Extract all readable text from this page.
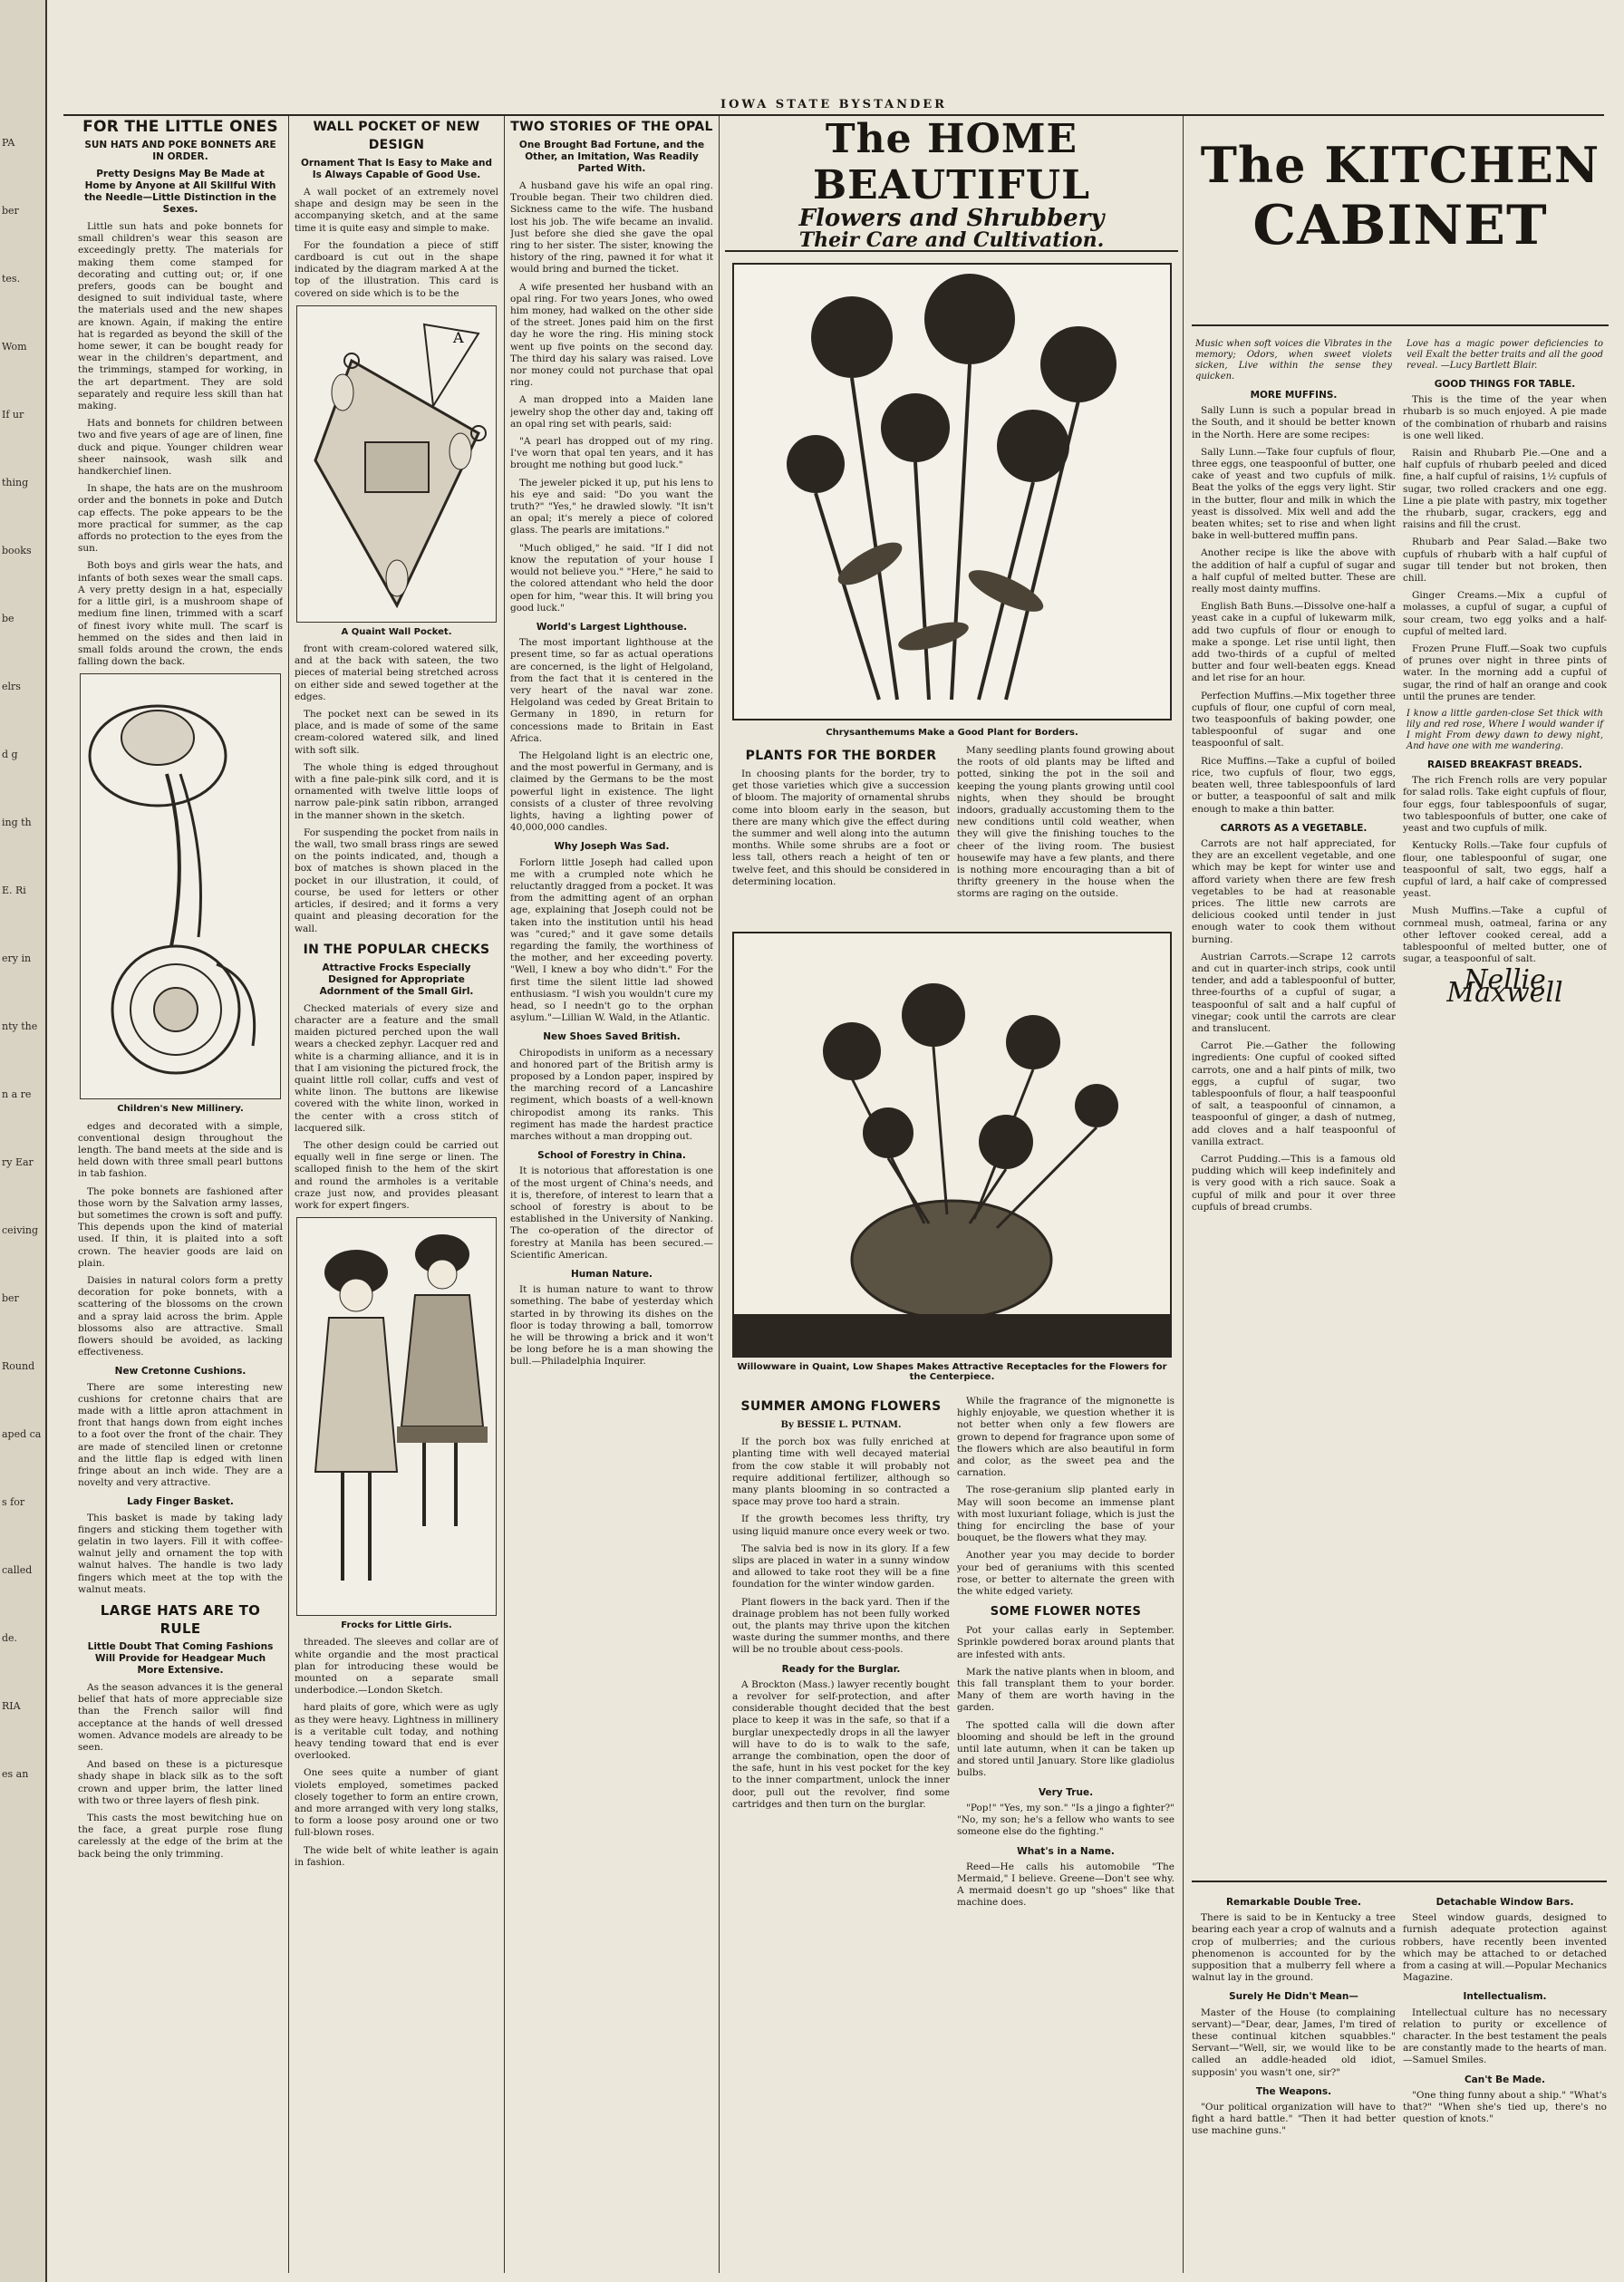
PA
ber
tes.
Wom
If ur
thing
books
be
elrs
d g
ing th
E. Ri
ery in
nty the
n a re
ry Ear
ceiving
ber
Round
aped ca
s for
called
de.
RIA
es an
IOWA STATE BYSTANDER
FOR THE LITTLE ONES
SUN HATS AND POKE BONNETS ARE IN ORDER.
Pretty Designs May Be Made at Home by Anyone at All Skillful With the Needle—Little Distinction in the Sexes.

Little sun hats and poke bonnets for small children's wear this season are exceedingly pretty. The materials for making them come stamped for decorating and cutting out; or, if one prefers, goods can be bought and designed to suit individual taste, where the materials used and the new shapes are known. Again, if making the entire hat is regarded as beyond the skill of the home sewer, it can be bought ready for wear in the children's department, and the trimmings, stamped for working, in the art department. They are sold separately and require less skill than hat making.

Hats and bonnets for children between two and five years of age are of linen, fine duck and pique. Younger children wear sheer nainsook, wash silk and handkerchief linen.

In shape, the hats are on the mushroom order and the bonnets in poke and Dutch cap effects. The poke appears to be the more practical for summer, as the cap affords no protection to the eyes from the sun.

Both boys and girls wear the hats, and infants of both sexes wear the small caps. A very pretty design in a hat, especially for a little girl, is a mushroom shape of medium fine linen, trimmed with a scarf of finest ivory white mull. The scarf is hemmed on the sides and then laid in small folds around the crown, the ends falling down the back.

Children's New Millinery.

edges and decorated with a simple, conventional design throughout the length. The band meets at the side and is held down with three small pearl buttons in tab fashion.

The poke bonnets are fashioned after those worn by the Salvation army lasses, but sometimes the crown is soft and puffy. This depends upon the kind of material used. If thin, it is plaited into a soft crown. The heavier goods are laid on plain.

Daisies in natural colors form a pretty decoration for poke bonnets, with a scattering of the blossoms on the crown and a spray laid across the brim. Apple blossoms also are attractive. Small flowers should be avoided, as lacking effectiveness.

New Cretonne Cushions.

There are some interesting new cushions for cretonne chairs that are made with a little apron attachment in front that hangs down from eight inches to a foot over the front of the chair. They are made of stenciled linen or cretonne and the little flap is edged with linen fringe about an inch wide. They are a novelty and very attractive.

Lady Finger Basket.

This basket is made by taking lady fingers and sticking them together with gelatin in two layers. Fill it with coffee-walnut jelly and ornament the top with walnut halves. The handle is two lady fingers which meet at the top with the walnut meats.

LARGE HATS ARE TO RULE
Little Doubt That Coming Fashions Will Provide for Headgear Much More Extensive.

As the season advances it is the general belief that hats of more appreciable size than the French sailor will find acceptance at the hands of well dressed women. Advance models are already to be seen.

And based on these is a picturesque shady shape in black silk as to the soft crown and upper brim, the latter lined with two or three layers of flesh pink.

This casts the most bewitching hue on the face, a great purple rose flung carelessly at the edge of the brim at the back being the only trimming.

WALL POCKET OF NEW DESIGN
Ornament That Is Easy to Make and Is Always Capable of Good Use.

A wall pocket of an extremely novel shape and design may be seen in the accompanying sketch, and at the same time it is quite easy and simple to make.

For the foundation a piece of stiff cardboard is cut out in the shape indicated by the diagram marked A at the top of the illustration. This card is covered on side which is to be the

A
A Quaint Wall Pocket.

front with cream-colored watered silk, and at the back with sateen, the two pieces of material being stretched across on either side and sewed together at the edges.

The pocket next can be sewed in its place, and is made of some of the same cream-colored watered silk, and lined with soft silk.

The whole thing is edged throughout with a fine pale-pink silk cord, and it is ornamented with twelve little loops of narrow pale-pink satin ribbon, arranged in the manner shown in the sketch.

For suspending the pocket from nails in the wall, two small brass rings are sewed on the points indicated, and, though a box of matches is shown placed in the pocket in our illustration, it could, of course, be used for letters or other articles, if desired; and it forms a very quaint and pleasing decoration for the wall.

IN THE POPULAR CHECKS
Attractive Frocks Especially Designed for Appropriate Adornment of the Small Girl.

Checked materials of every size and character are a feature and the small maiden pictured perched upon the wall wears a checked zephyr. Lacquer red and white is a charming alliance, and it is in that I am visioning the pictured frock, the quaint little roll collar, cuffs and vest of white linon. The buttons are likewise covered with the white linon, worked in the center with a cross stitch of lacquered silk.

The other design could be carried out equally well in fine serge or linen. The scalloped finish to the hem of the skirt and round the armholes is a veritable craze just now, and provides pleasant work for expert fingers.

Frocks for Little Girls.

threaded. The sleeves and collar are of white organdie and the most practical plan for introducing these would be mounted on a separate small underbodice.—London Sketch.

hard plaits of gore, which were as ugly as they were heavy. Lightness in millinery is a veritable cult today, and nothing heavy tending toward that end is ever overlooked.

One sees quite a number of giant violets employed, sometimes packed closely together to form an entire crown, and more arranged with very long stalks, to form a loose posy around one or two full-blown roses.

The wide belt of white leather is again in fashion.

TWO STORIES OF THE OPAL
One Brought Bad Fortune, and the Other, an Imitation, Was Readily Parted With.

A husband gave his wife an opal ring. Trouble began. Their two children died. Sickness came to the wife. The husband lost his job. The wife became an invalid. Just before she died she gave the opal ring to her sister. The sister, knowing the history of the ring, pawned it for what it would bring and burned the ticket.

A wife presented her husband with an opal ring. For two years Jones, who owed him money, had walked on the other side of the street. Jones paid him on the first day he wore the ring. His mining stock went up five points on the second day. The third day his salary was raised. Love nor money could not purchase that opal ring.

A man dropped into a Maiden lane jewelry shop the other day and, taking off an opal ring set with pearls, said:

"A pearl has dropped out of my ring. I've worn that opal ten years, and it has brought me nothing but good luck."

The jeweler picked it up, put his lens to his eye and said: "Do you want the truth?" "Yes," he drawled slowly. "It isn't an opal; it's merely a piece of colored glass. The pearls are imitations."

"Much obliged," he said. "If I did not know the reputation of your house I would not believe you." "Here," he said to the colored attendant who held the door open for him, "wear this. It will bring you good luck."

World's Largest Lighthouse.

The most important lighthouse at the present time, so far as actual operations are concerned, is the light of Helgoland, from the fact that it is centered in the very heart of the naval war zone. Helgoland was ceded by Great Britain to Germany in 1890, in return for concessions made to Britain in East Africa.

The Helgoland light is an electric one, and the most powerful in Germany, and is claimed by the Germans to be the most powerful light in existence. The light consists of a cluster of three revolving lights, having a lighting power of 40,000,000 candles.

Why Joseph Was Sad.

Forlorn little Joseph had called upon me with a crumpled note which he reluctantly dragged from a pocket. It was from the admitting agent of an orphan age, explaining that Joseph could not be taken into the institution until his head was "cured;" and it gave some details regarding the family, the worthiness of the mother, and her exceeding poverty. "Well, I knew a boy who didn't." For the first time the silent little lad showed enthusiasm. "I wish you wouldn't cure my head, so I needn't go to the orphan asylum."—Lillian W. Wald, in the Atlantic.

New Shoes Saved British.

Chiropodists in uniform as a necessary and honored part of the British army is proposed by a London paper, inspired by the marching record of a Lancashire regiment, which boasts of a well-known chiropodist among its ranks. This regiment has made the hardest practice marches without a man dropping out.

School of Forestry in China.

It is notorious that afforestation is one of the most urgent of China's needs, and it is, therefore, of interest to learn that a school of forestry is about to be established in the University of Nanking. The co-operation of the director of forestry at Manila has been secured.—Scientific American.

Human Nature.

It is human nature to want to throw something. The babe of yesterday which started in by throwing its dishes on the floor is today throwing a ball, tomorrow he will be throwing a brick and it won't be long before he is a man showing the bull.—Philadelphia Inquirer.

The HOME BEAUTIFUL
Flowers and Shrubbery
Their Care and Cultivation.
Chrysanthemums Make a Good Plant for Borders.
PLANTS FOR THE BORDER

In choosing plants for the border, try to get those varieties which give a succession of bloom. The majority of ornamental shrubs come into bloom early in the season, but there are many which give the effect during the summer and well along into the autumn months. While some shrubs are a foot or less tall, others reach a height of ten or twelve feet, and this should be considered in determining location.

Many seedling plants found growing about the roots of old plants may be lifted and potted, sinking the pot in the soil and keeping the young plants growing until cool nights, when they should be brought indoors, gradually accustoming them to the new conditions until cold weather, when they will give the finishing touches to the cheer of the living room. The busiest housewife may have a few plants, and there is nothing more encouraging than a bit of thrifty greenery in the house when the storms are raging on the outside.

Willowware in Quaint, Low Shapes Makes Attractive Receptacles for the Flowers for the Centerpiece.
SUMMER AMONG FLOWERS
By BESSIE L. PUTNAM.

If the porch box was fully enriched at planting time with well decayed material from the cow stable it will probably not require additional fertilizer, although so many plants blooming in so contracted a space may prove too hard a strain.

If the growth becomes less thrifty, try using liquid manure once every week or two.

The salvia bed is now in its glory. If a few slips are placed in water in a sunny window and allowed to take root they will be a fine foundation for the winter window garden.

Plant flowers in the back yard. Then if the drainage problem has not been fully worked out, the plants may thrive upon the kitchen waste during the summer months, and there will be no trouble about cess-pools.

Ready for the Burglar.

A Brockton (Mass.) lawyer recently bought a revolver for self-protection, and after considerable thought decided that the best place to keep it was in the safe, so that if a burglar unexpectedly drops in all the lawyer will have to do is to walk to the safe, arrange the combination, open the door of the safe, hunt in his vest pocket for the key to the inner compartment, unlock the inner door, pull out the revolver, find some cartridges and then turn on the burglar.

While the fragrance of the mignonette is highly enjoyable, we question whether it is not better when only a few flowers are grown to depend for fragrance upon some of the flowers which are also beautiful in form and color, as the sweet pea and the carnation.

The rose-geranium slip planted early in May will soon become an immense plant with most luxuriant foliage, which is just the thing for encircling the base of your bouquet, be the flowers what they may.

Another year you may decide to border your bed of geraniums with this scented rose, or better to alternate the green with the white edged variety.

SOME FLOWER NOTES

Pot your callas early in September. Sprinkle powdered borax around plants that are infested with ants.

Mark the native plants when in bloom, and this fall transplant them to your border. Many of them are worth having in the garden.

The spotted calla will die down after blooming and should be left in the ground until late autumn, when it can be taken up and stored until January. Store like gladiolus bulbs.

Very True.

"Pop!" "Yes, my son." "Is a jingo a fighter?" "No, my son; he's a fellow who wants to see someone else do the fighting."

What's in a Name.

Reed—He calls his automobile "The Mermaid," I believe. Greene—Don't see why. A mermaid doesn't go up "shoes" like that machine does.

The KITCHEN
CABINET

Music when soft voices die Vibrates in the memory; Odors, when sweet violets sicken, Live within the sense they quicken.

MORE MUFFINS.

Sally Lunn is such a popular bread in the South, and it should be better known in the North. Here are some recipes:

Sally Lunn.—Take four cupfuls of flour, three eggs, one teaspoonful of butter, one cake of yeast and two cupfuls of milk. Beat the yolks of the eggs very light. Stir in the butter, flour and milk in which the yeast is dissolved. Mix well and add the beaten whites; set to rise and when light bake in well-buttered muffin pans.

Another recipe is like the above with the addition of half a cupful of sugar and a half cupful of melted butter. These are really most dainty muffins.

English Bath Buns.—Dissolve one-half a yeast cake in a cupful of lukewarm milk, add two cupfuls of flour or enough to make a sponge. Let rise until light, then add two-thirds of a cupful of melted butter and four well-beaten eggs. Knead and let rise for an hour.

Perfection Muffins.—Mix together three cupfuls of flour, one cupful of corn meal, two teaspoonfuls of baking powder, one tablespoonful of sugar and one teaspoonful of salt.

Rice Muffins.—Take a cupful of boiled rice, two cupfuls of flour, two eggs, beaten well, three tablespoonfuls of lard or butter, a teaspoonful of salt and milk enough to make a thin batter.

CARROTS AS A VEGETABLE.

Carrots are not half appreciated, for they are an excellent vegetable, and one which may be kept for winter use and afford variety when there are few fresh vegetables to be had at reasonable prices. The little new carrots are delicious cooked until tender in just enough water to cook them without burning.

Austrian Carrots.—Scrape 12 carrots and cut in quarter-inch strips, cook until tender, and add a tablespoonful of butter, three-fourths of a cupful of sugar, a teaspoonful of salt and a half cupful of vinegar; cook until the carrots are clear and translucent.

Carrot Pie.—Gather the following ingredients: One cupful of cooked sifted carrots, one and a half pints of milk, two eggs, a cupful of sugar, two tablespoonfuls of flour, a half teaspoonful of salt, a teaspoonful of cinnamon, a teaspoonful of ginger, a dash of nutmeg, add cloves and a half teaspoonful of vanilla extract.

Carrot Pudding.—This is a famous old pudding which will keep indefinitely and is very good with a rich sauce. Soak a cupful of milk and pour it over three cupfuls of bread crumbs.

Love has a magic power deficiencies to veil Exalt the better traits and all the good reveal. —Lucy Bartlett Blair.

GOOD THINGS FOR TABLE.

This is the time of the year when rhubarb is so much enjoyed. A pie made of the combination of rhubarb and raisins is one well liked.

Raisin and Rhubarb Pie.—One and a half cupfuls of rhubarb peeled and diced fine, a half cupful of raisins, 1½ cupfuls of sugar, two rolled crackers and one egg. Line a pie plate with pastry, mix together the rhubarb, sugar, crackers, egg and raisins and fill the crust.

Rhubarb and Pear Salad.—Bake two cupfuls of rhubarb with a half cupful of sugar till tender but not broken, then chill.

Ginger Creams.—Mix a cupful of molasses, a cupful of sugar, a cupful of sour cream, two egg yolks and a half-cupful of melted lard.

Frozen Prune Fluff.—Soak two cupfuls of prunes over night in three pints of water. In the morning add a cupful of sugar, the rind of half an orange and cook until the prunes are tender.

I know a little garden-close Set thick with lily and red rose, Where I would wander if I might From dewy dawn to dewy night, And have one with me wandering.

RAISED BREAKFAST BREADS.

The rich French rolls are very popular for salad rolls. Take eight cupfuls of flour, four eggs, four tablespoonfuls of sugar, two tablespoonfuls of butter, one cake of yeast and two cupfuls of milk.

Kentucky Rolls.—Take four cupfuls of flour, one tablespoonful of sugar, one teaspoonful of salt, two eggs, half a cupful of lard, a half cake of compressed yeast.

Mush Muffins.—Take a cupful of cornmeal mush, oatmeal, farina or any other leftover cooked cereal, add a tablespoonful of melted butter, one of sugar, a teaspoonful of salt.

Nellie Maxwell
Remarkable Double Tree.

There is said to be in Kentucky a tree bearing each year a crop of walnuts and a crop of mulberries; and the curious phenomenon is accounted for by the supposition that a mulberry fell where a walnut lay in the ground.

Surely He Didn't Mean—

Master of the House (to complaining servant)—"Dear, dear, James, I'm tired of these continual kitchen squabbles." Servant—"Well, sir, we would like to be called an addle-headed old idiot, supposin' you wasn't one, sir?"

The Weapons.

"Our political organization will have to fight a hard battle." "Then it had better use machine guns."

Detachable Window Bars.

Steel window guards, designed to furnish adequate protection against robbers, have recently been invented which may be attached to or detached from a casing at will.—Popular Mechanics Magazine.

Intellectualism.

Intellectual culture has no necessary relation to purity or excellence of character. In the best testament the peals are constantly made to the hearts of man.—Samuel Smiles.

Can't Be Made.

"One thing funny about a ship." "What's that?" "When she's tied up, there's no question of knots."
